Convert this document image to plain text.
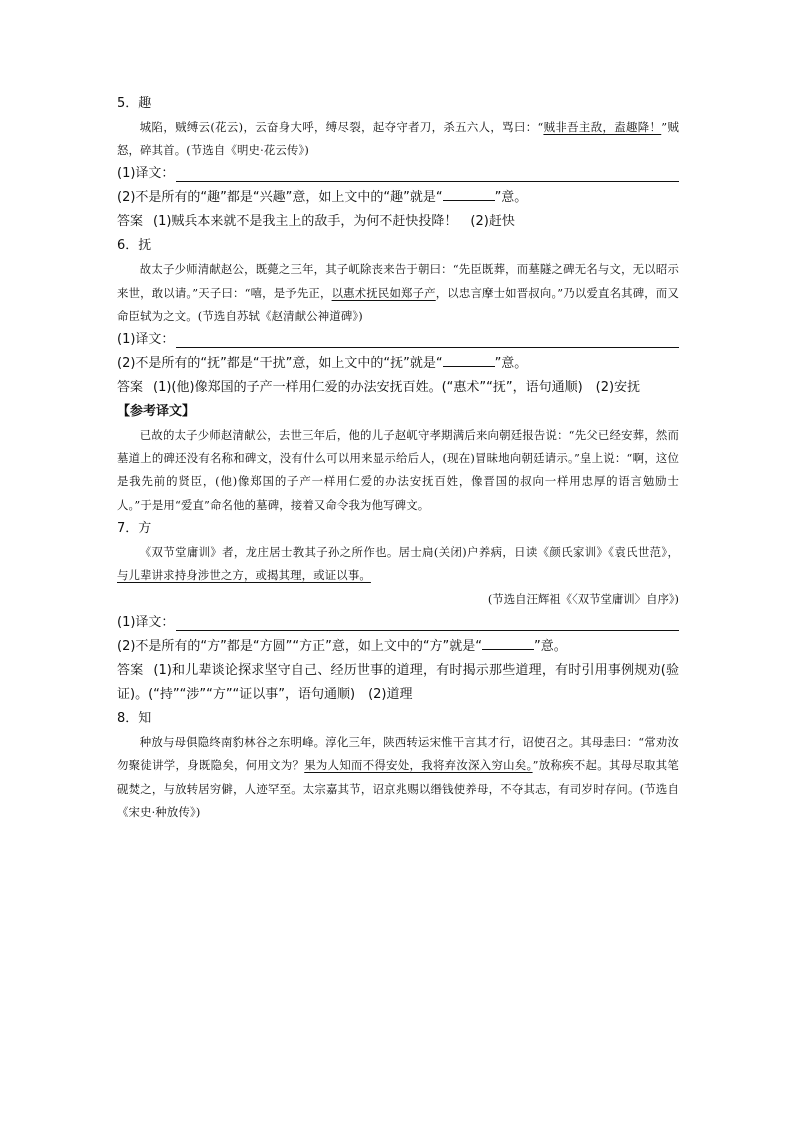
5．趣

城陷，贼缚云(花云)，云奋身大呼，缚尽裂，起夺守者刀，杀五六人，骂曰：“贼非吾主敌，盍趣降！”贼怒，碎其首。(节选自《明史·花云传》)

(1)译文：
(2)不是所有的“趣”都是“兴趣”意，如上文中的“趣”就是“	”意。
答案 (1)贼兵本来就不是我主上的敌手，为何不赶快投降！　(2)赶快
6．抚

故太子少师清献赵公，既薨之三年，其子屼除丧来告于朝曰：“先臣既葬，而墓隧之碑无名与文，无以昭示来世，敢以请。”天子曰：“嘻，是予先正，以惠术抚民如郑子产，以忠言摩士如晋叔向。”乃以爱直名其碑，而又命臣轼为之文。(节选自苏轼《赵清献公神道碑》)

(1)译文：
(2)不是所有的“抚”都是“干扰”意，如上文中的“抚”就是“	”意。
答案 (1)(他)像郑国的子产一样用仁爱的办法安抚百姓。(“惠术”“抚”，语句通顺)　(2)安抚
【参考译文】

已故的太子少师赵清献公，去世三年后，他的儿子赵屼守孝期满后来向朝廷报告说：“先父已经安葬，然而墓道上的碑还没有名称和碑文，没有什么可以用来显示给后人，(现在)冒昧地向朝廷请示。”皇上说：“啊，这位是我先前的贤臣，(他)像郑国的子产一样用仁爱的办法安抚百姓，像晋国的叔向一样用忠厚的语言勉励士人。”于是用“爱直”命名他的墓碑，接着又命令我为他写碑文。

7．方

《双节堂庸训》者，龙庄居士教其子孙之所作也。居士扃(关闭)户养病，日读《颜氏家训》《袁氏世范》，与儿辈讲求持身涉世之方，或揭其理，或证以事。

(节选自汪辉祖《〈双节堂庸训〉自序》)
(1)译文：
(2)不是所有的“方”都是“方圆”“方正”意，如上文中的“方”就是“	”意。
答案 (1)和儿辈谈论探求坚守自己、经历世事的道理，有时揭示那些道理，有时引用事例规劝(验证)。(“持”“涉”“方”“证以事”，语句通顺)　(2)道理
8．知

种放与母俱隐终南豹林谷之东明峰。淳化三年，陕西转运宋惟干言其才行，诏使召之。其母恚曰：“常劝汝勿聚徒讲学，身既隐矣，何用文为？果为人知而不得安处，我将弃汝深入穷山矣。”放称疾不起。其母尽取其笔砚焚之，与放转居穷僻，人迹罕至。太宗嘉其节，诏京兆赐以缗钱使养母，不夺其志，有司岁时存问。(节选自《宋史·种放传》)
